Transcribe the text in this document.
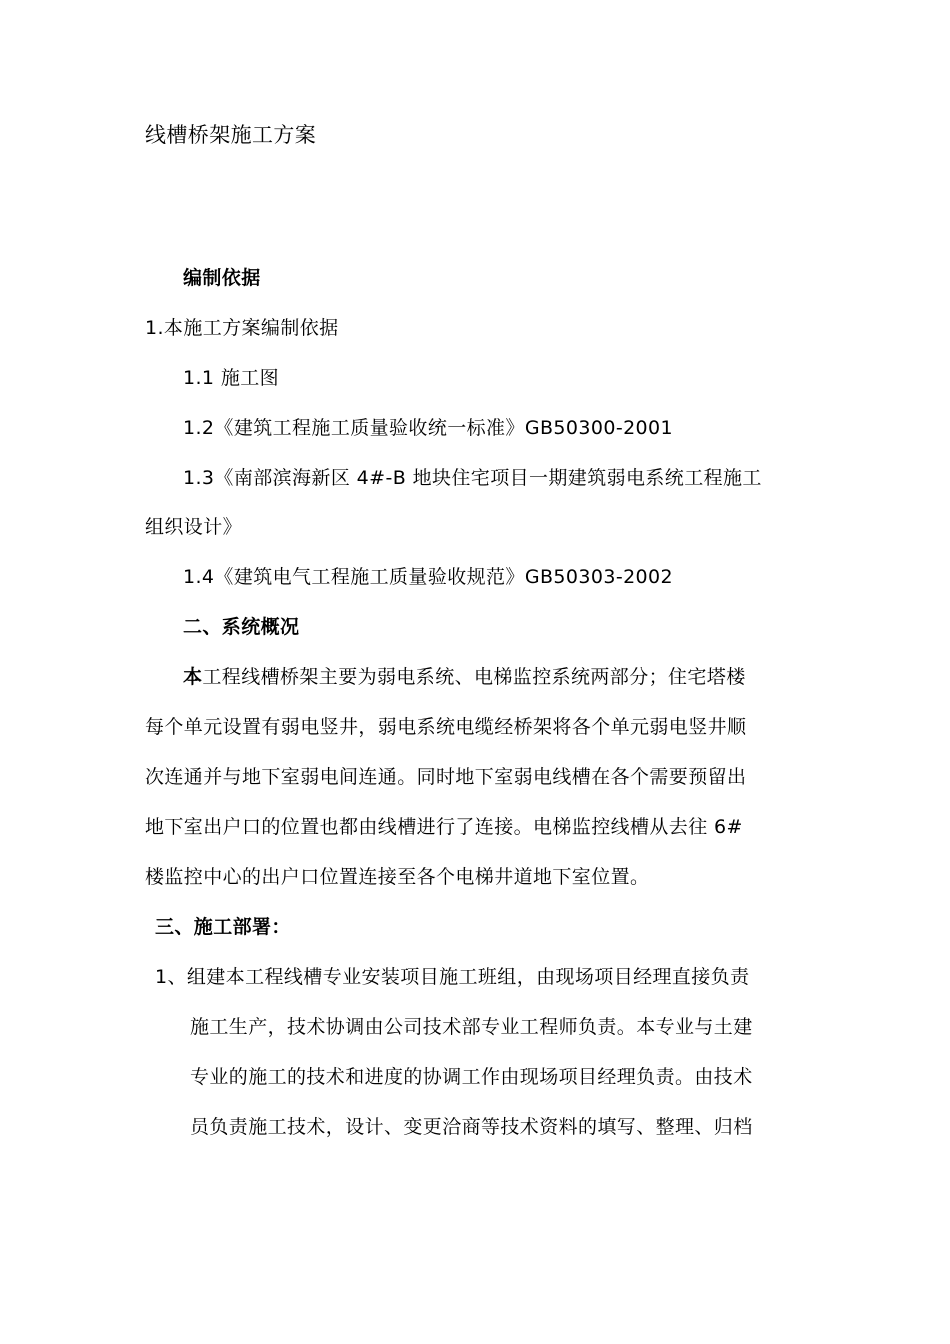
线槽桥架施工方案
编制依据
1.本施工方案编制依据
1.1 施工图
1.2《建筑工程施工质量验收统一标准》GB50300-2001
1.3《南部滨海新区 4#-B 地块住宅项目一期建筑弱电系统工程施工
组织设计》
1.4《建筑电气工程施工质量验收规范》GB50303-2002
二、系统概况
本工程线槽桥架主要为弱电系统、电梯监控系统两部分；住宅塔楼
每个单元设置有弱电竖井，弱电系统电缆经桥架将各个单元弱电竖井顺
次连通并与地下室弱电间连通。同时地下室弱电线槽在各个需要预留出
地下室出户口的位置也都由线槽进行了连接。电梯监控线槽从去往 6#
楼监控中心的出户口位置连接至各个电梯井道地下室位置。
三、施工部署：
1、组建本工程线槽专业安装项目施工班组，由现场项目经理直接负责
施工生产，技术协调由公司技术部专业工程师负责。本专业与土建
专业的施工的技术和进度的协调工作由现场项目经理负责。由技术
员负责施工技术，设计、变更洽商等技术资料的填写、整理、归档
